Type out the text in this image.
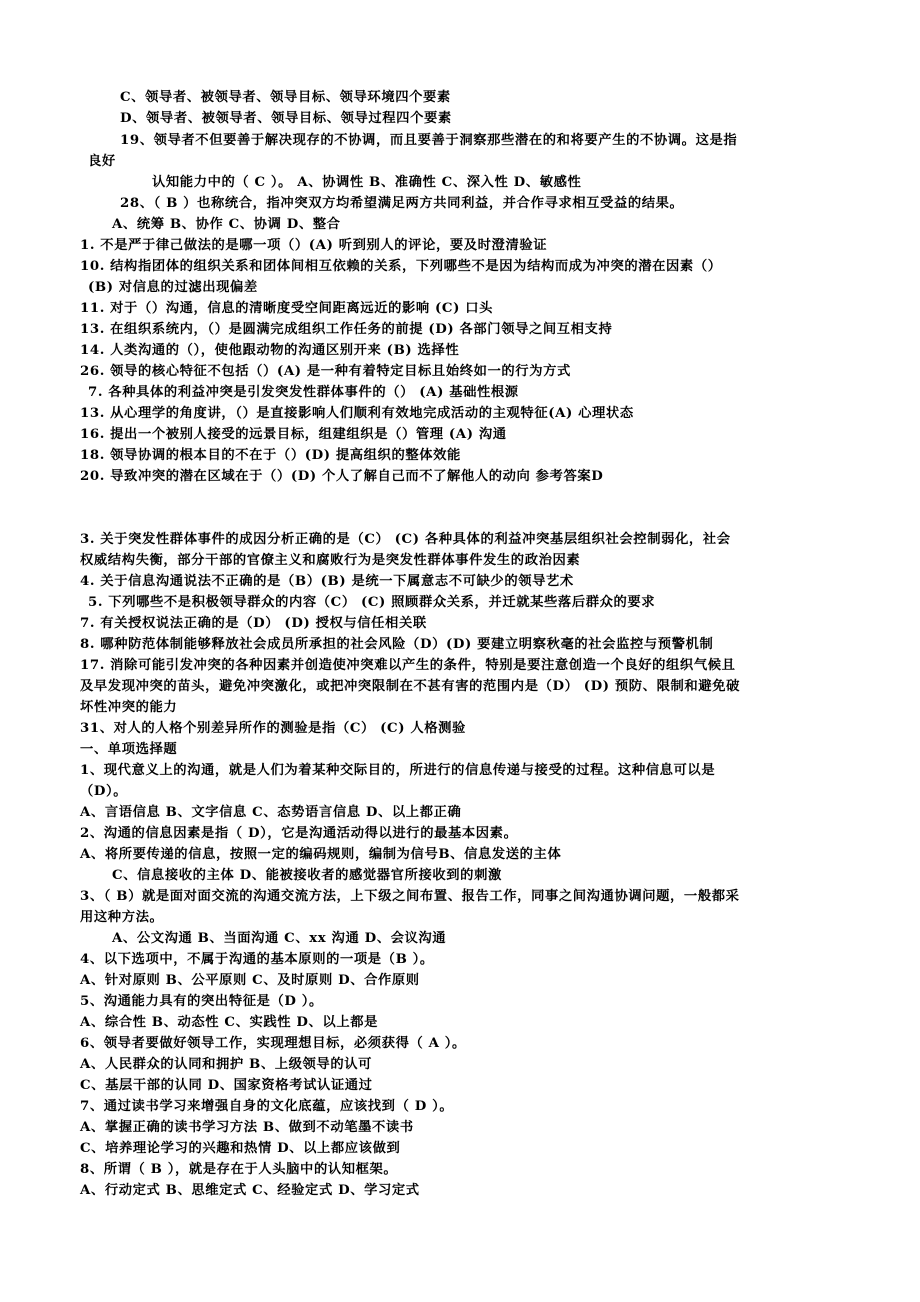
C、领导者、被领导者、领导目标、领导环境四个要素
D、领导者、被领导者、领导目标、领导过程四个要素
19、领导者不但要善于解决现存的不协调，而且要善于洞察那些潜在的和将要产生的不协调。这是指
良好
认知能力中的（ C ）。 A、协调性 B、准确性 C、深入性 D、敏感性
28、（ B ）也称统合，指冲突双方均希望满足两方共同利益，并合作寻求相互受益的结果。
A、统筹 B、协作 C、协调 D、整合
1. 不是严于律己做法的是哪一项（）(A) 听到别人的评论，要及时澄清验证
10. 结构指团体的组织关系和团体间相互依赖的关系，下列哪些不是因为结构而成为冲突的潜在因素（）
(B) 对信息的过滤出现偏差
11. 对于（）沟通，信息的清晰度受空间距离远近的影响 (C) 口头
13. 在组织系统内，（）是圆满完成组织工作任务的前提 (D) 各部门领导之间互相支持
14. 人类沟通的（），使他跟动物的沟通区别开来 (B) 选择性
26. 领导的核心特征不包括（）(A) 是一种有着特定目标且始终如一的行为方式
7. 各种具体的利益冲突是引发突发性群体事件的（） (A) 基础性根源
13. 从心理学的角度讲，（）是直接影响人们顺利有效地完成活动的主观特征(A) 心理状态
16. 提出一个被别人接受的远景目标，组建组织是（）管理 (A) 沟通
18. 领导协调的根本目的不在于（）(D) 提高组织的整体效能
20. 导致冲突的潜在区域在于（）(D) 个人了解自己而不了解他人的动向 参考答案D
3. 关于突发性群体事件的成因分析正确的是（C） (C) 各种具体的利益冲突基层组织社会控制弱化，社会
权威结构失衡，部分干部的官僚主义和腐败行为是突发性群体事件发生的政治因素
4. 关于信息沟通说法不正确的是（B）(B) 是统一下属意志不可缺少的领导艺术
5. 下列哪些不是积极领导群众的内容（C） (C) 照顾群众关系，并迁就某些落后群众的要求
7. 有关授权说法正确的是（D） (D) 授权与信任相关联
8. 哪种防范体制能够释放社会成员所承担的社会风险（D）(D) 要建立明察秋毫的社会监控与预警机制
17. 消除可能引发冲突的各种因素并创造使冲突难以产生的条件，特别是要注意创造一个良好的组织气候且
及早发现冲突的苗头，避免冲突激化，或把冲突限制在不甚有害的范围内是（D） (D) 预防、限制和避免破
坏性冲突的能力
31、对人的人格个别差异所作的测验是指（C） (C) 人格测验
一、单项选择题
1、现代意义上的沟通，就是人们为着某种交际目的，所进行的信息传递与接受的过程。这种信息可以是
（D）。
A、言语信息 B、文字信息 C、态势语言信息 D、以上都正确
2、沟通的信息因素是指（ D），它是沟通活动得以进行的最基本因素。
A、将所要传递的信息，按照一定的编码规则，编制为信号B、信息发送的主体
C、信息接收的主体 D、能被接收者的感觉器官所接收到的刺激
3、（ B）就是面对面交流的沟通交流方法，上下级之间布置、报告工作，同事之间沟通协调问题，一般都采
用这种方法。
A、公文沟通 B、当面沟通 C、xx 沟通 D、会议沟通
4、以下选项中，不属于沟通的基本原则的一项是（B ）。
A、针对原则 B、公平原则 C、及时原则 D、合作原则
5、沟通能力具有的突出特征是（D ）。
A、综合性 B、动态性 C、实践性 D、以上都是
6、领导者要做好领导工作，实现理想目标，必须获得（ A ）。
A、人民群众的认同和拥护 B、上级领导的认可
C、基层干部的认同 D、国家资格考试认证通过
7、通过读书学习来增强自身的文化底蕴，应该找到（ D ）。
A、掌握正确的读书学习方法 B、做到不动笔墨不读书
C、培养理论学习的兴趣和热情 D、以上都应该做到
8、所谓（ B ），就是存在于人头脑中的认知框架。
A、行动定式 B、思维定式 C、经验定式 D、学习定式
